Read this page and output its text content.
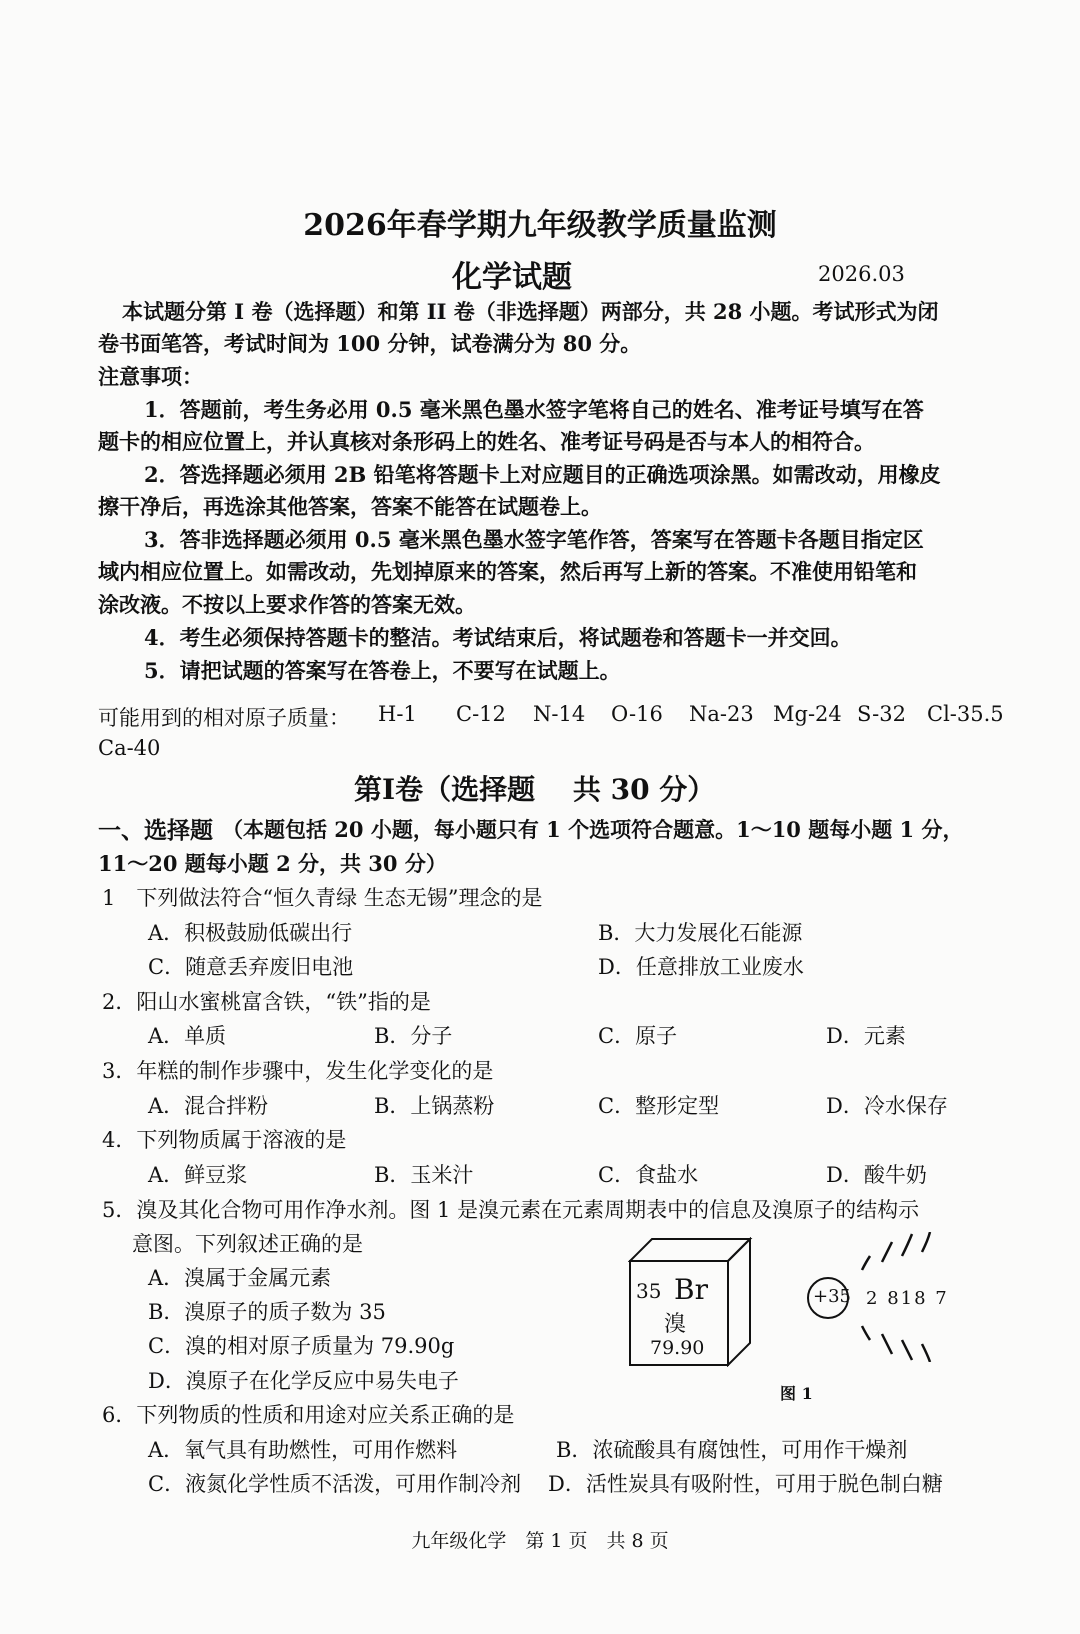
2026年春学期九年级教学质量监测
化学试题	2026.03
本试题分第 I 卷（选择题）和第 II 卷（非选择题）两部分，共 28 小题。考试形式为闭
卷书面笔答，考试时间为 100 分钟，试卷满分为 80 分。
注意事项：
1．答题前，考生务必用 0.5 毫米黑色墨水签字笔将自己的姓名、准考证号填写在答
题卡的相应位置上，并认真核对条形码上的姓名、准考证号码是否与本人的相符合。
2．答选择题必须用 2B 铅笔将答题卡上对应题目的正确选项涂黑。如需改动，用橡皮
擦干净后，再选涂其他答案，答案不能答在试题卷上。
3．答非选择题必须用 0.5 毫米黑色墨水签字笔作答，答案写在答题卡各题目指定区
域内相应位置上。如需改动，先划掉原来的答案，然后再写上新的答案。不准使用铅笔和
涂改液。不按以上要求作答的答案无效。
4．考生必须保持答题卡的整洁。考试结束后，将试题卷和答题卡一并交回。
5．请把试题的答案写在答卷上，不要写在试题上。
可能用到的相对原子质量： H-1 C-12 N-14 O-16 Na-23 Mg-24 S-32 Cl-35.5
Ca-40
第I卷（选择题　 共 30 分）
一、选择题 （本题包括 20 小题，每小题只有 1 个选项符合题意。1～10 题每小题 1 分，
11～20 题每小题 2 分，共 30 分）
1　下列做法符合“恒久青绿 生态无锡”理念的是
A．积极鼓励低碳出行	B．大力发展化石能源
C．随意丢弃废旧电池	D．任意排放工业废水
2．阳山水蜜桃富含铁，“铁”指的是
A．单质	B．分子	C．原子	D．元素
3．年糕的制作步骤中，发生化学变化的是
A．混合拌粉	B．上锅蒸粉	C．整形定型	D．冷水保存
4．下列物质属于溶液的是
A．鲜豆浆	B．玉米汁	C．食盐水	D．酸牛奶
5．溴及其化合物可用作净水剂。图 1 是溴元素在元素周期表中的信息及溴原子的结构示
意图。下列叙述正确的是
A．溴属于金属元素
B．溴原子的质子数为 35
C．溴的相对原子质量为 79.90g
D．溴原子在化学反应中易失电子
35 Br
溴
79.90
+35 2 818 7
图 1
6．下列物质的性质和用途对应关系正确的是
A．氧气具有助燃性，可用作燃料	B．浓硫酸具有腐蚀性，可用作干燥剂
C．液氮化学性质不活泼，可用作制冷剂 D．活性炭具有吸附性，可用于脱色制白糖
九年级化学　第 1 页　共 8 页
